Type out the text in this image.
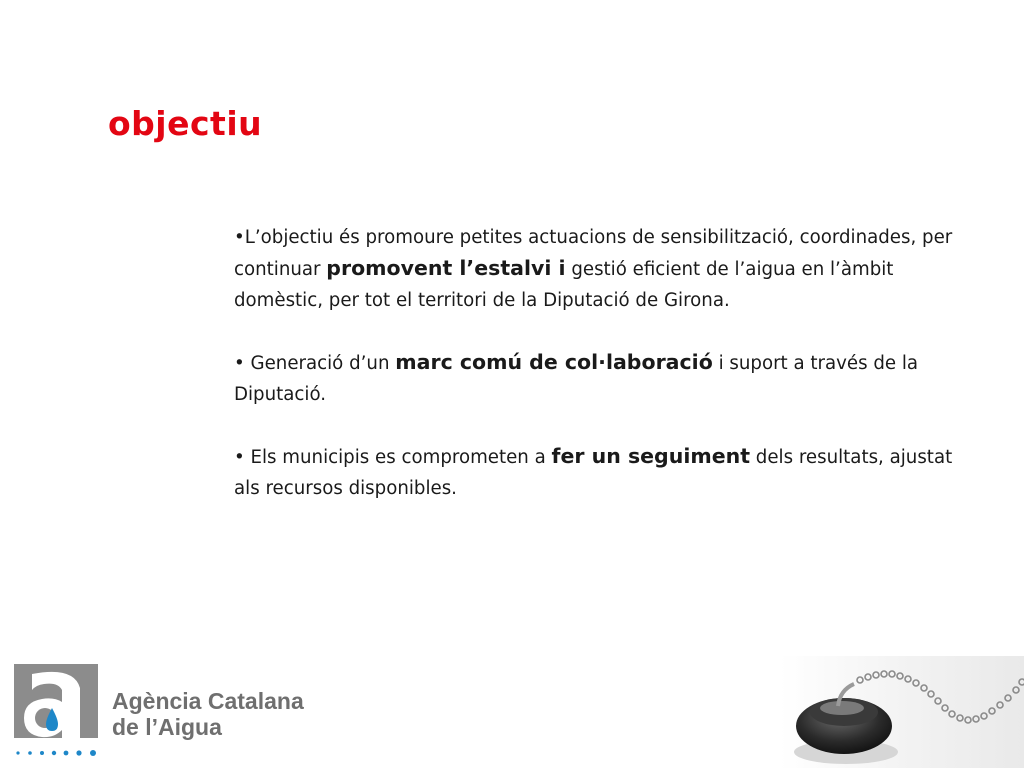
objectiu

•L’objectiu és promoure petites actuacions de sensibilització, coordinades, per continuar promovent l’estalvi i gestió eficient de l’aigua en l’àmbit domèstic, per tot el territori de la Diputació de Girona.

• Generació d’un marc comú de col·laboració i suport a través de la Diputació.

• Els municipis es comprometen a fer un seguiment dels resultats, ajustat als recursos disponibles.

Agència Catalana
de l’Aigua
